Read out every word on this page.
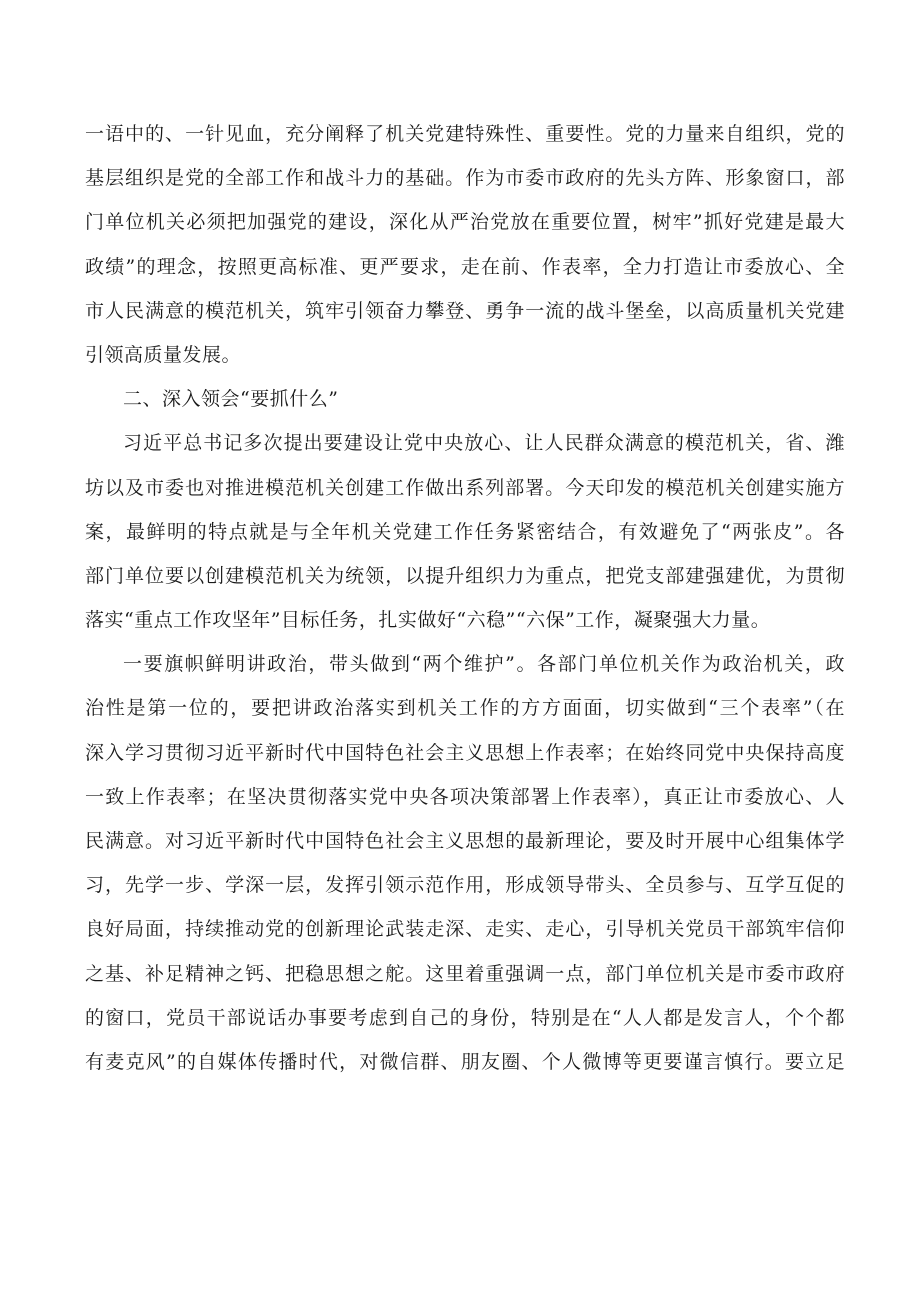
一语中的、一针见血，充分阐释了机关党建特殊性、重要性。党的力量来自组织，党的
基层组织是党的全部工作和战斗力的基础。作为市委市政府的先头方阵、形象窗口，部
门单位机关必须把加强党的建设，深化从严治党放在重要位置，树牢”抓好党建是最大
政绩”的理念，按照更高标准、更严要求，走在前、作表率，全力打造让市委放心、全
市人民满意的模范机关，筑牢引领奋力攀登、勇争一流的战斗堡垒，以高质量机关党建
引领高质量发展。
二、深入领会“要抓什么”
习近平总书记多次提出要建设让党中央放心、让人民群众满意的模范机关，省、潍
坊以及市委也对推进模范机关创建工作做出系列部署。今天印发的模范机关创建实施方
案，最鲜明的特点就是与全年机关党建工作任务紧密结合，有效避免了“两张皮”。各
部门单位要以创建模范机关为统领，以提升组织力为重点，把党支部建强建优，为贯彻
落实“重点工作攻坚年”目标任务，扎实做好“六稳”“六保”工作，凝聚强大力量。
一要旗帜鲜明讲政治，带头做到“两个维护”。各部门单位机关作为政治机关，政
治性是第一位的，要把讲政治落实到机关工作的方方面面，切实做到“三个表率”（在
深入学习贯彻习近平新时代中国特色社会主义思想上作表率；在始终同党中央保持高度
一致上作表率；在坚决贯彻落实党中央各项决策部署上作表率），真正让市委放心、人
民满意。对习近平新时代中国特色社会主义思想的最新理论，要及时开展中心组集体学
习，先学一步、学深一层，发挥引领示范作用，形成领导带头、全员参与、互学互促的
良好局面，持续推动党的创新理论武装走深、走实、走心，引导机关党员干部筑牢信仰
之基、补足精神之钙、把稳思想之舵。这里着重强调一点，部门单位机关是市委市政府
的窗口，党员干部说话办事要考虑到自己的身份，特别是在“人人都是发言人，个个都
有麦克风”的自媒体传播时代，对微信群、朋友圈、个人微博等更要谨言慎行。要立足
